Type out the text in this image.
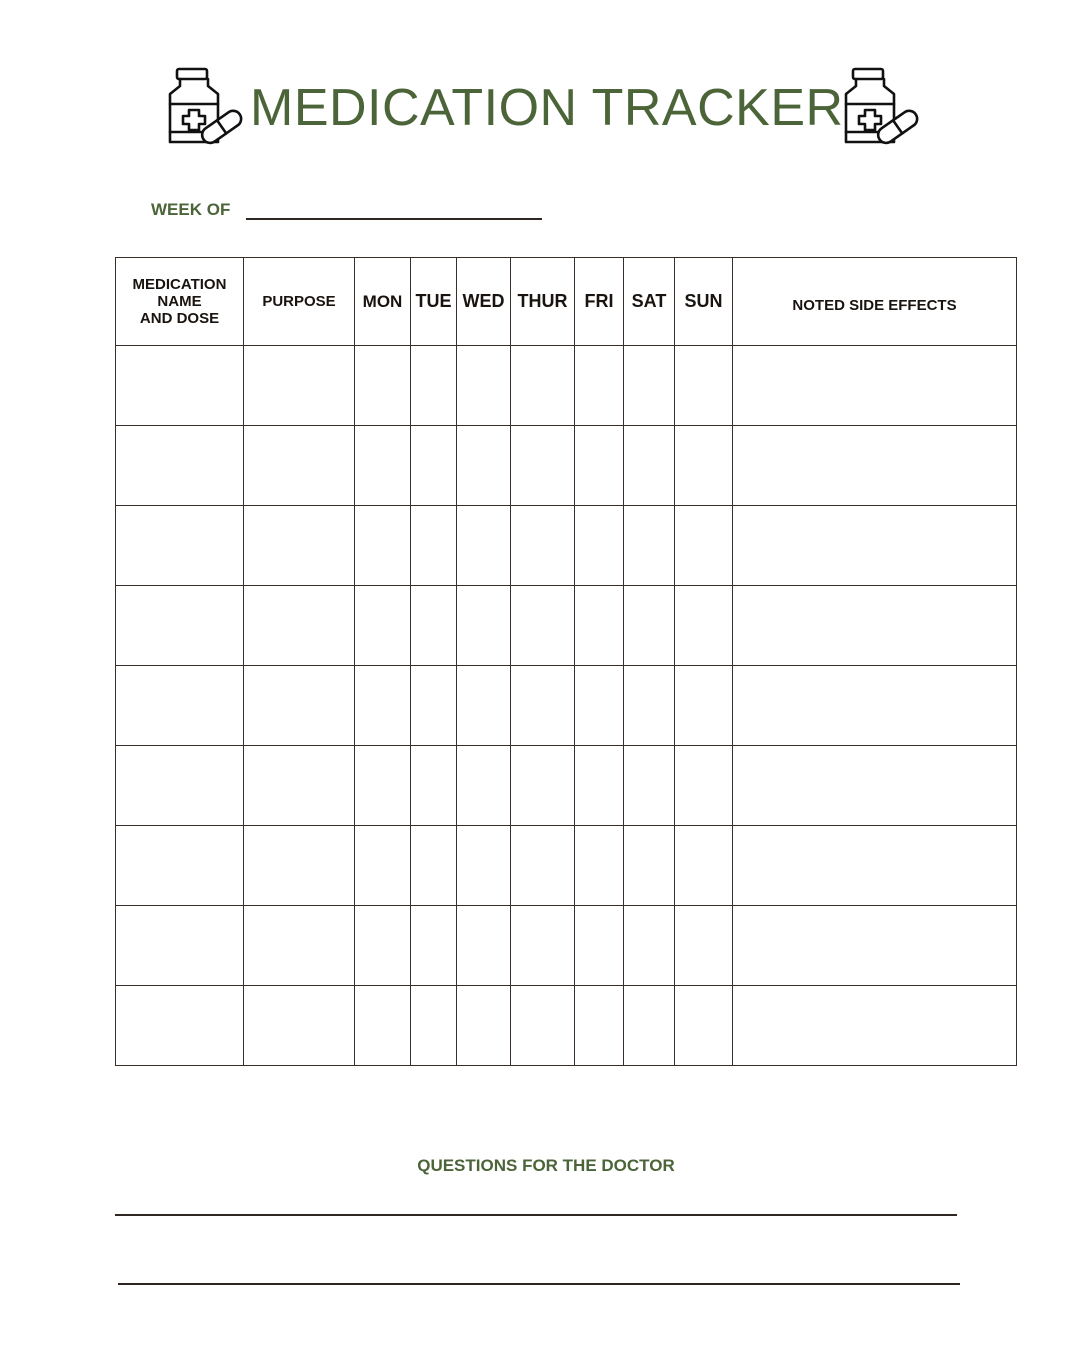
MEDICATION TRACKER
WEEK OF
MEDICATION
NAME
AND DOSE	PURPOSE	MON	TUE	WED	THUR	FRI	SAT	SUN	NOTED SIDE EFFECTS

QUESTIONS FOR THE DOCTOR
